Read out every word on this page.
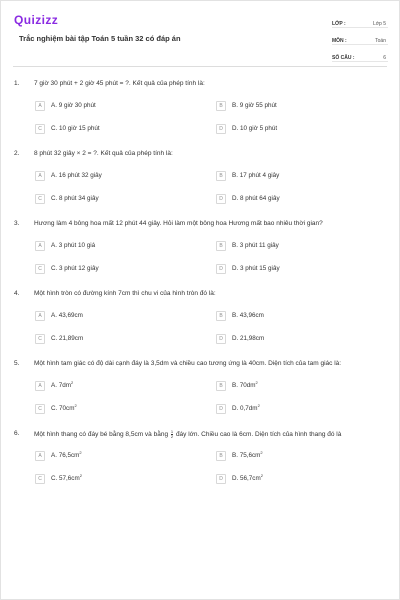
Quizizz
Trắc nghiệm bài tập Toán 5 tuần 32 có đáp án
LỚP :	Lớp 5
MÔN :	Toán
SỐ CÂU :	6
1. 7 giờ 30 phút + 2 giờ 45 phút = ?. Kết quả của phép tính là:
A	A. 9 giờ 30 phút	B	B. 9 giờ 55 phút
C	C. 10 giờ 15 phút	D	D. 10 giờ 5 phút
2. 8 phút 32 giây × 2 = ?. Kết quả của phép tính là:
A	A. 16 phút 32 giây	B	B. 17 phút 4 giây
C	C. 8 phút 34 giây	D	D. 8 phút 64 giây
3. Hương làm 4 bông hoa mất 12 phút 44 giây. Hỏi làm một bông hoa Hương mất bao nhiêu thời gian?
A	A. 3 phút 10 giá	B	B. 3 phút 11 giây
C	C. 3 phút 12 giây	D	D. 3 phút 15 giây
4. Một hình tròn có đường kính 7cm thì chu vi của hình tròn đó là:
A	A. 43,69cm	B	B. 43,96cm
C	C. 21,89cm	D	D. 21,98cm
5. Một hình tam giác có độ dài cạnh đáy là 3,5dm và chiều cao tương ứng là 40cm. Diện tích của tam giác là:
A	A. $7dm^2$
B	B. $70dm^2$
C	C. $70cm^2$
D	D. $0,7dm^2$
6. Một hình thang có đáy bé bằng 8,5cm và bằng $\frac{1}{2}$ đáy lớn. Chiều cao là 6cm. Diện tích của hình thang đó là
A	A. $76,5cm^2$
B	B. $75,6cm^2$
C	C. $57,6cm^2$
D	D. $56,7cm^2$
